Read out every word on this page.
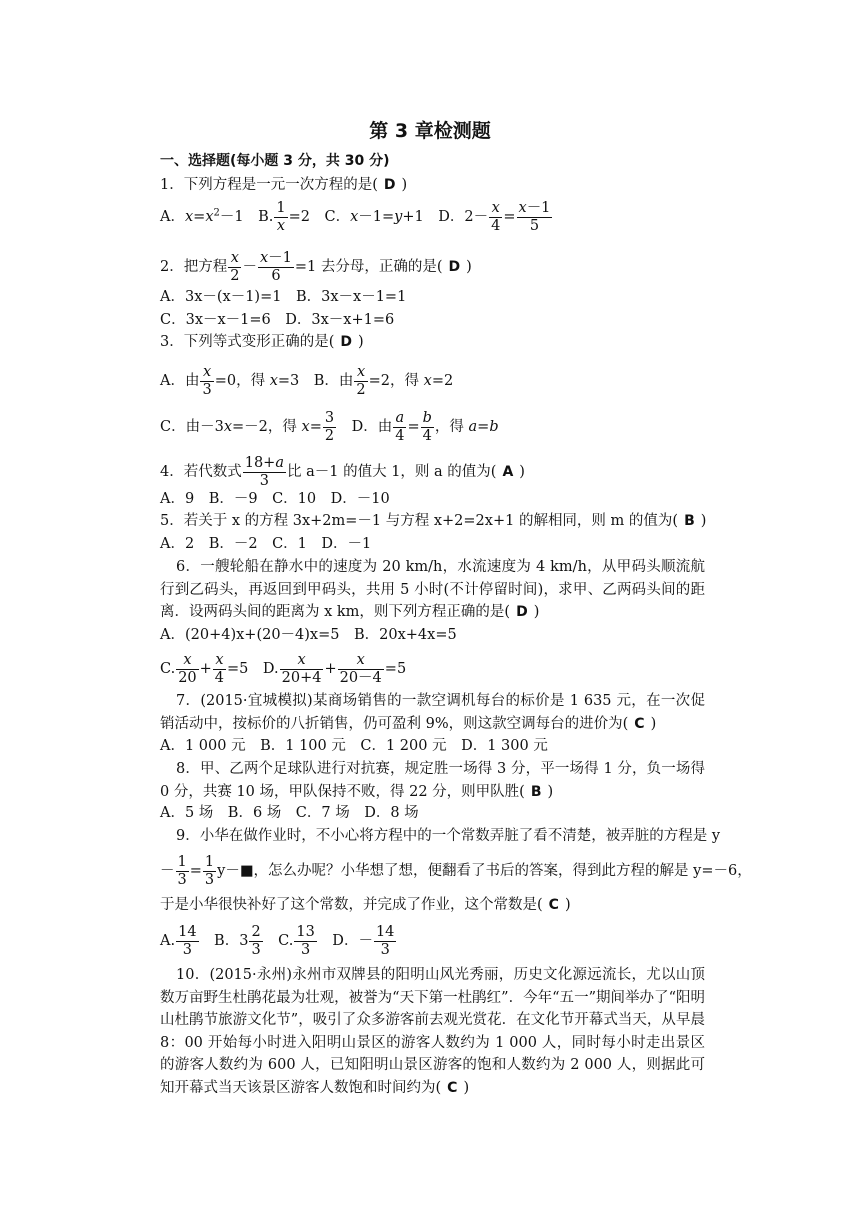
第 3 章检测题
一、选择题(每小题 3 分，共 30 分)
1．下列方程是一元一次方程的是( D )
A．$x=x^2-1$　B. $\frac{1}{x} =2$　C．x－1=y+1　D．$2- \frac{x}{4} = \frac{x-1}{5}$
2．把方程 $\frac{x}{2} - \frac{x-1}{6} =1$ 去分母，正确的是( D )
A．3x－(x－1)=1　B．3x－x－1=1
C．3x－x－1=6　D．3x－x+1=6
3．下列等式变形正确的是( D )
A．由 $\frac{x}{3} =0$，得 x=3　B．由 $\frac{x}{2} =2$，得 x=2
C．由－3x=－2，得 $x= \frac{3}{2}$ 　D．由 $\frac{a}{4} = \frac{b}{4}$ ，得 a=b
4．若代数式 $\frac{18+a}{3}$ 比 a－1 的值大 1，则 a 的值为( A )
A．9　B．－9　C．10　D．－10
5．若关于 x 的方程 3x+2m=－1 与方程 x+2=2x+1 的解相同，则 m 的值为( B )
A．2　B．－2　C．1　D．－1
6．一艘轮船在静水中的速度为 20 km/h，水流速度为 4 km/h，从甲码头顺流航行到乙码头，再返回到甲码头，共用 5 小时(不计停留时间)，求甲、乙两码头间的距离．设两码头间的距离为 x km，则下列方程正确的是( D )
A．(20+4)x+(20－4)x=5　B．20x+4x=5
C. $\frac{x}{20} + \frac{x}{4} =5$　D. $\frac{x}{20+4} + \frac{x}{20-4} =5$
7．(2015·宜城模拟)某商场销售的一款空调机每台的标价是 1 635 元，在一次促销活动中，按标价的八折销售，仍可盈利 9%，则这款空调每台的进价为( C )
A．1 000 元　B．1 100 元　C．1 200 元　D．1 300 元
8．甲、乙两个足球队进行对抗赛，规定胜一场得 3 分，平一场得 1 分，负一场得 0 分，共赛 10 场，甲队保持不败，得 22 分，则甲队胜( B )
A．5 场　B．6 场　C．7 场　D．8 场
9．小华在做作业时，不小心将方程中的一个常数弄脏了看不清楚，被弄脏的方程是 y
－ $\frac{1}{3} = \frac{1}{3}$ y－■，怎么办呢？小华想了想，便翻看了书后的答案，得到此方程的解是 y=－6，
于是小华很快补好了这个常数，并完成了作业，这个常数是( C )
A. $\frac{14}{3}$ 　B．$3 \frac{2}{3}$ 　C. $\frac{13}{3}$ 　D．－ $\frac{14}{3}$
10．(2015·永州)永州市双牌县的阳明山风光秀丽，历史文化源远流长，尤以山顶数万亩野生杜鹃花最为壮观，被誉为“天下第一杜鹃红”．今年“五一”期间举办了“阳明山杜鹃节旅游文化节”，吸引了众多游客前去观光赏花．在文化节开幕式当天，从早晨 8：00 开始每小时进入阳明山景区的游客人数约为 1 000 人，同时每小时走出景区的游客人数约为 600 人，已知阳明山景区游客的饱和人数约为 2 000 人，则据此可知开幕式当天该景区游客人数饱和时间约为( C )
